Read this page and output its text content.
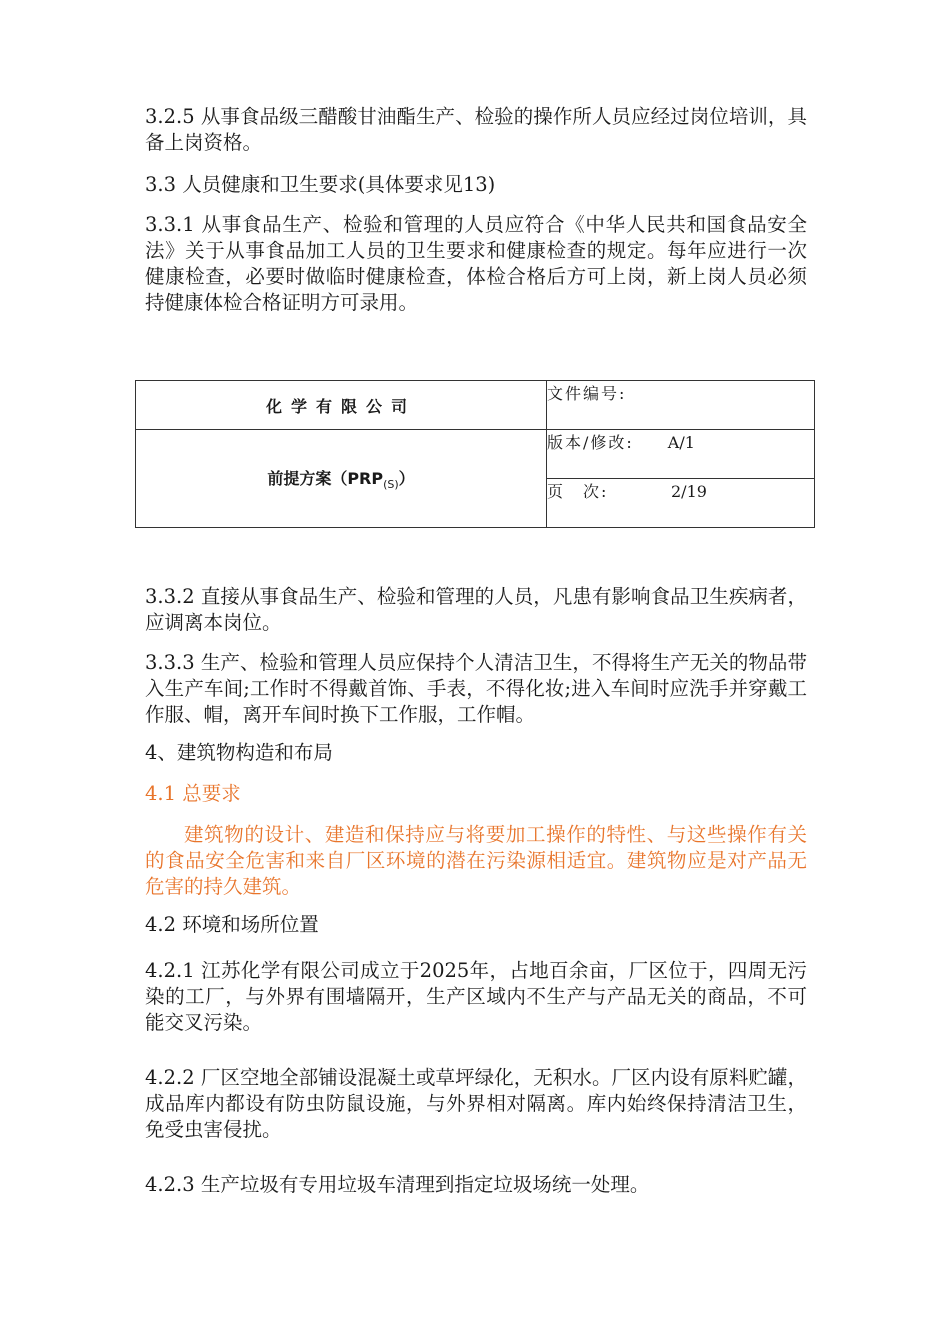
3.2.5 从事食品级三醋酸甘油酯生产、检验的操作所人员应经过岗位培训，具备上岗资格。

3.3 人员健康和卫生要求(具体要求见13)

3.3.1 从事食品生产、检验和管理的人员应符合《中华人民共和国食品安全法》关于从事食品加工人员的卫生要求和健康检查的规定。每年应进行一次健康检查，必要时做临时健康检查，体检合格后方可上岗，新上岗人员必须持健康体检合格证明方可录用。

化学有限公司	文件编号:
前提方案$(PRP_{(S)})$	版本/修改: A/1
	页　次: 2/19

3.3.2 直接从事食品生产、检验和管理的人员，凡患有影响食品卫生疾病者，应调离本岗位。

3.3.3 生产、检验和管理人员应保持个人清洁卫生，不得将生产无关的物品带入生产车间;工作时不得戴首饰、手表，不得化妆;进入车间时应洗手并穿戴工作服、帽，离开车间时换下工作服，工作帽。

4、建筑物构造和布局

4.1 总要求

建筑物的设计、建造和保持应与将要加工操作的特性、与这些操作有关的食品安全危害和来自厂区环境的潜在污染源相适宜。建筑物应是对产品无危害的持久建筑。

4.2 环境和场所位置

4.2.1 江苏化学有限公司成立于2025年，占地百余亩，厂区位于，四周无污染的工厂，与外界有围墙隔开，生产区域内不生产与产品无关的商品，不可能交叉污染。

4.2.2 厂区空地全部铺设混凝土或草坪绿化，无积水。厂区内设有原料贮罐，成品库内都设有防虫防鼠设施，与外界相对隔离。库内始终保持清洁卫生，免受虫害侵扰。

4.2.3 生产垃圾有专用垃圾车清理到指定垃圾场统一处理。
